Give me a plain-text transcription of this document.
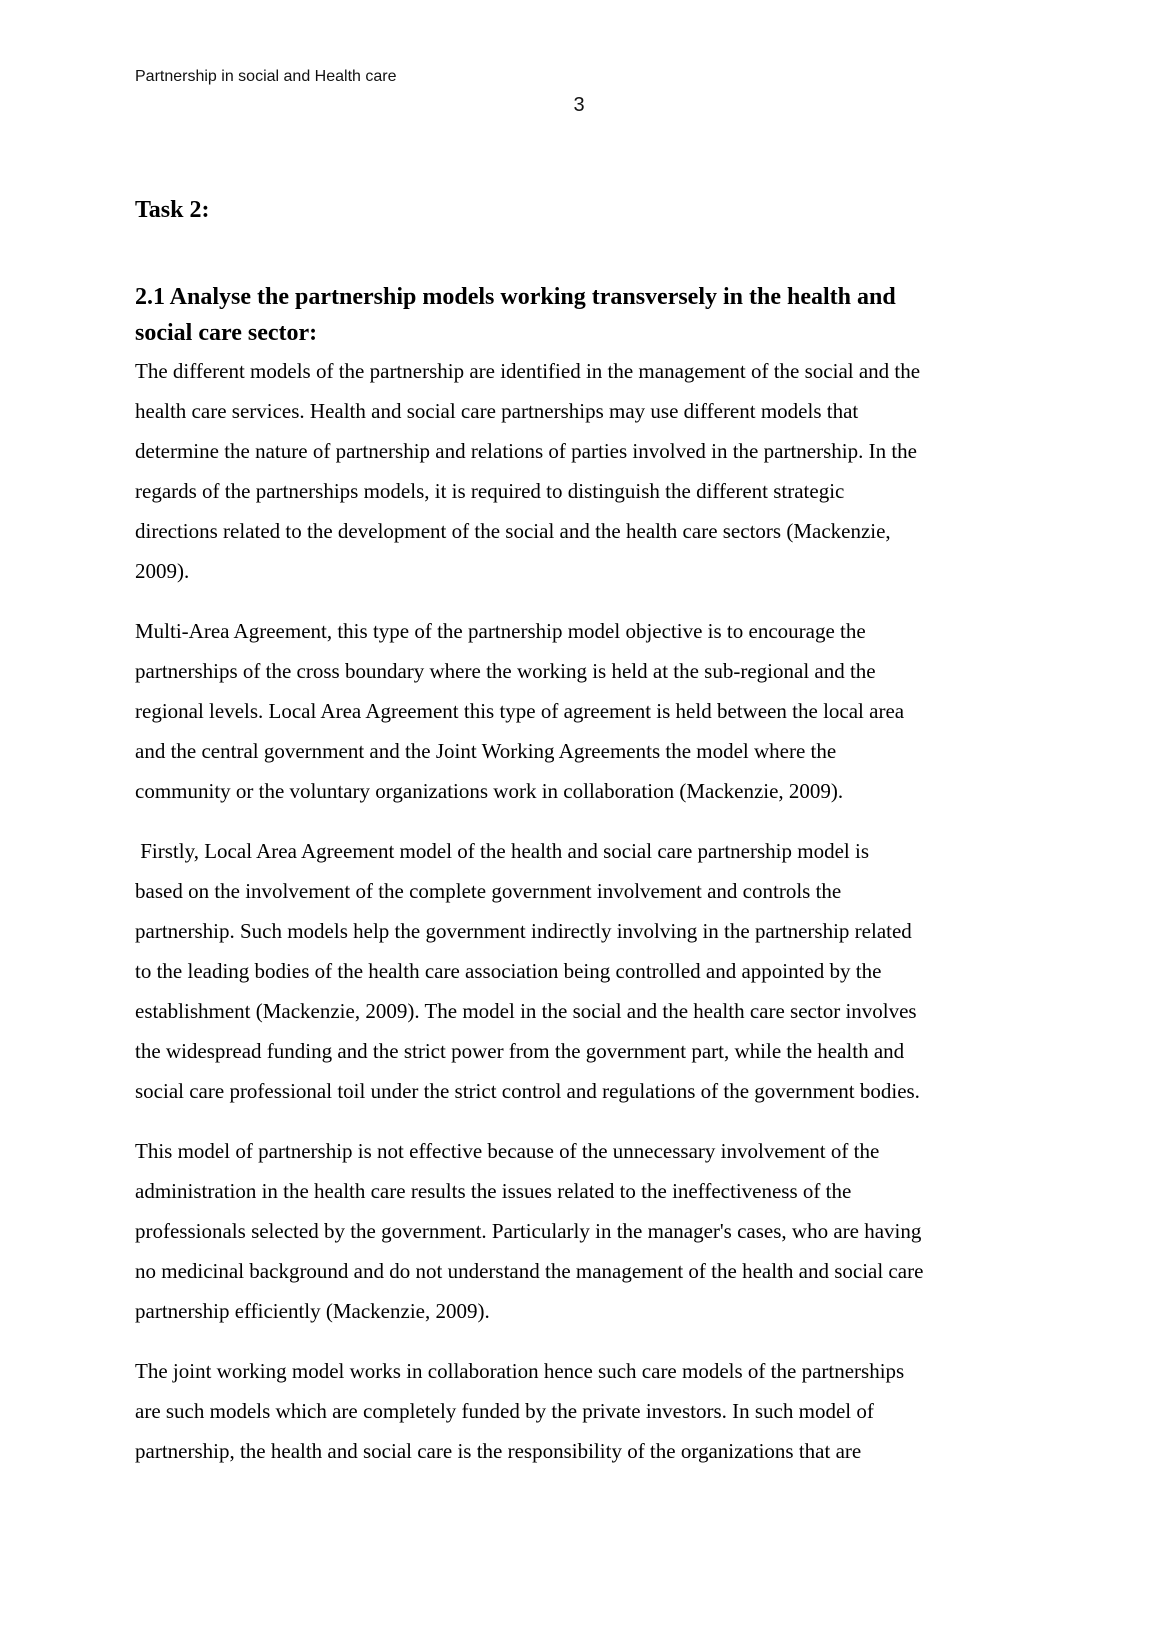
Partnership in social and Health care
3
Task 2:
2.1 Analyse the partnership models working transversely in the health and
social care sector:
The different models of the partnership are identified in the management of the social and the
health care services. Health and social care partnerships may use different models that
determine the nature of partnership and relations of parties involved in the partnership. In the
regards of the partnerships models, it is required to distinguish the different strategic
directions related to the development of the social and the health care sectors (Mackenzie,
2009).
Multi-Area Agreement, this type of the partnership model objective is to encourage the
partnerships of the cross boundary where the working is held at the sub-regional and the
regional levels. Local Area Agreement this type of agreement is held between the local area
and the central government and the Joint Working Agreements the model where the
community or the voluntary organizations work in collaboration (Mackenzie, 2009).
Firstly, Local Area Agreement model of the health and social care partnership model is
based on the involvement of the complete government involvement and controls the
partnership. Such models help the government indirectly involving in the partnership related
to the leading bodies of the health care association being controlled and appointed by the
establishment (Mackenzie, 2009). The model in the social and the health care sector involves
the widespread funding and the strict power from the government part, while the health and
social care professional toil under the strict control and regulations of the government bodies.
This model of partnership is not effective because of the unnecessary involvement of the
administration in the health care results the issues related to the ineffectiveness of the
professionals selected by the government. Particularly in the manager's cases, who are having
no medicinal background and do not understand the management of the health and social care
partnership efficiently (Mackenzie, 2009).
The joint working model works in collaboration hence such care models of the partnerships
are such models which are completely funded by the private investors. In such model of
partnership, the health and social care is the responsibility of the organizations that are
